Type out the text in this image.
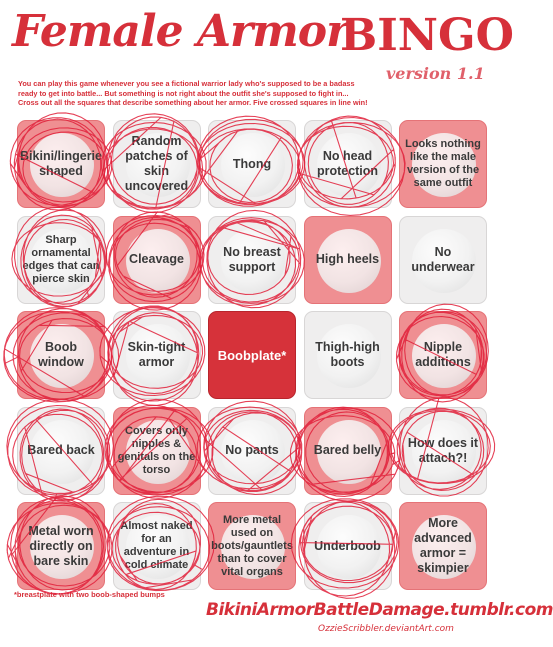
Female Armor
BINGO
version 1.1
You can play this game whenever you see a fictional warrior lady who's supposed to be a badass
ready to get into battle... But something is not right about the outfit she's supposed to fight in...
Cross out all the squares that describe something about her armor. Five crossed squares in line win!
Bikini/lingerie shaped
Random patches of skin uncovered
Thong
No head protection
Looks nothing like the male version of the same outfit
Sharp ornamental edges that can pierce skin
Cleavage
No breast support
High heels
No underwear
Boob window
Skin-tight armor	Boobplate*
Thigh-high boots
Nipple additions
Bared back
Covers only nipples & genitals on the torso
No pants	Bared belly
How does it attach?!
Metal worn directly on bare skin
Almost naked for an adventure in cold climate
More metal used on boots/gauntlets than to cover vital organs
Underboob
More advanced armor = skimpier
*breastplate with two boob-shaped bumps
BikiniArmorBattleDamage.tumblr.com
OzzieScribbler.deviantArt.com
